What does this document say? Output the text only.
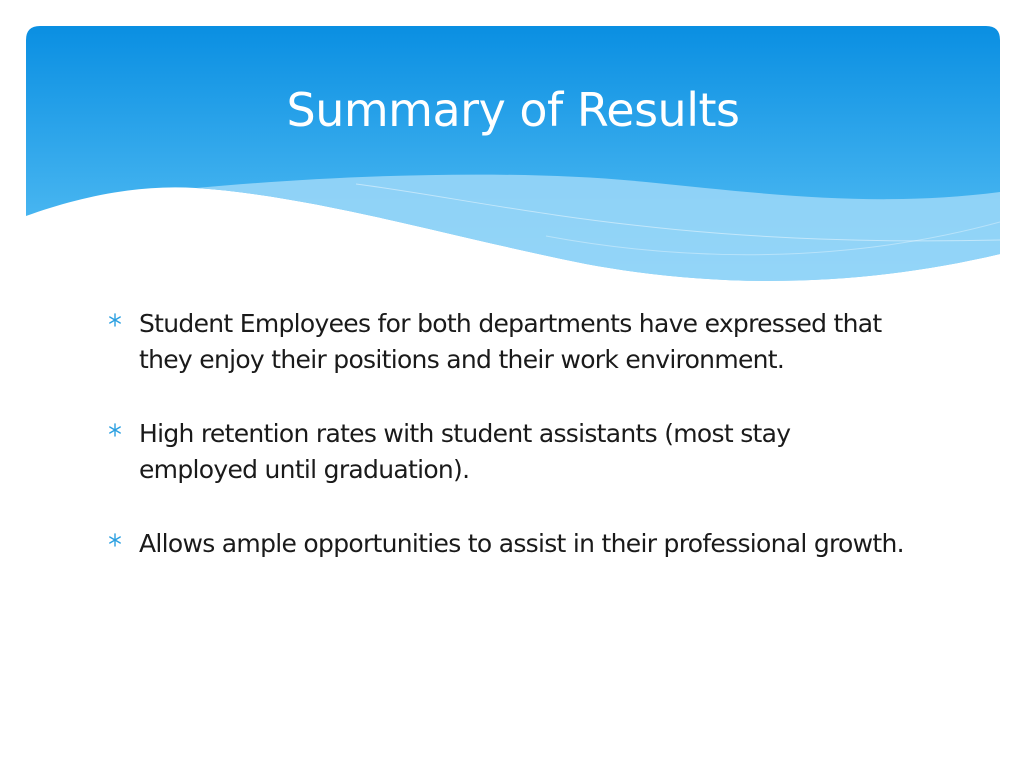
Summary of Results
Student Employees for both departments have expressed that they enjoy their positions and their work environment.
High retention rates with student assistants (most stay employed until graduation).
Allows ample opportunities to assist in their professional growth.
